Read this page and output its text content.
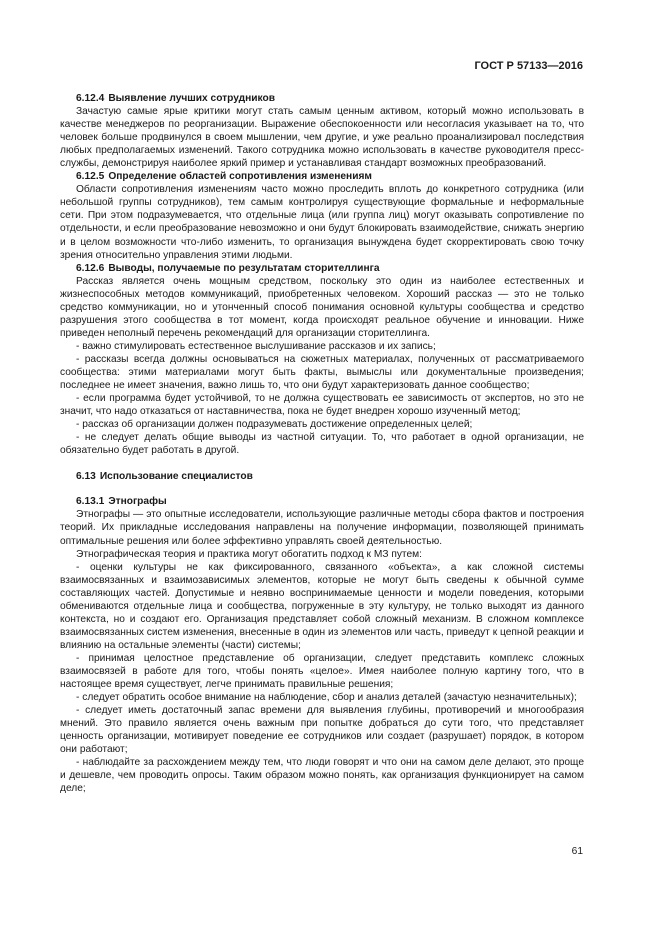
ГОСТ Р 57133—2016

6.12.4 Выявление лучших сотрудников

Зачастую самые ярые критики могут стать самым ценным активом, который можно использовать в качестве менеджеров по реорганизации. Выражение обеспокоенности или несогласия указывает на то, что человек больше продвинулся в своем мышлении, чем другие, и уже реально проанализировал последствия любых предполагаемых изменений. Такого сотрудника можно использовать в качестве руководителя пресс-службы, демонстрируя наиболее яркий пример и устанавливая стандарт возможных преобразований.

6.12.5 Определение областей сопротивления изменениям

Области сопротивления изменениям часто можно проследить вплоть до конкретного сотрудника (или небольшой группы сотрудников), тем самым контролируя существующие формальные и неформальные сети. При этом подразумевается, что отдельные лица (или группа лиц) могут оказывать сопротивление по отдельности, и если преобразование невозможно и они будут блокировать взаимодействие, снижать энергию и в целом возможности что-либо изменить, то организация вынуждена будет скорректировать свою точку зрения относительно управления этими людьми.

6.12.6 Выводы, получаемые по результатам сторителлинга

Рассказ является очень мощным средством, поскольку это один из наиболее естественных и жизнеспособных методов коммуникаций, приобретенных человеком. Хороший рассказ — это не только средство коммуникации, но и утонченный способ понимания основной культуры сообщества и средство разрушения этого сообщества в тот момент, когда происходят реальное обучение и инновации. Ниже приведен неполный перечень рекомендаций для организации сторителлинга.

- важно стимулировать естественное выслушивание рассказов и их запись;

- рассказы всегда должны основываться на сюжетных материалах, полученных от рассматриваемого сообщества: этими материалами могут быть факты, вымыслы или документальные произведения; последнее не имеет значения, важно лишь то, что они будут характеризовать данное сообщество;

- если программа будет устойчивой, то не должна существовать ее зависимость от экспертов, но это не значит, что надо отказаться от наставничества, пока не будет внедрен хорошо изученный метод;

- рассказ об организации должен подразумевать достижение определенных целей;

- не следует делать общие выводы из частной ситуации. То, что работает в одной организации, не обязательно будет работать в другой.

6.13 Использование специалистов

6.13.1 Этнографы

Этнографы — это опытные исследователи, использующие различные методы сбора фактов и построения теорий. Их прикладные исследования направлены на получение информации, позволяющей принимать оптимальные решения или более эффективно управлять своей деятельностью.

Этнографическая теория и практика могут обогатить подход к МЗ путем:

- оценки культуры не как фиксированного, связанного «объекта», а как сложной системы взаимосвязанных и взаимозависимых элементов, которые не могут быть сведены к обычной сумме составляющих частей. Допустимые и неявно воспринимаемые ценности и модели поведения, которыми обмениваются отдельные лица и сообщества, погруженные в эту культуру, не только выходят из данного контекста, но и создают его. Организация представляет собой сложный механизм. В сложном комплексе взаимосвязанных систем изменения, внесенные в один из элементов или часть, приведут к цепной реакции и влиянию на остальные элементы (части) системы;

- принимая целостное представление об организации, следует представить комплекс сложных взаимосвязей в работе для того, чтобы понять «целое». Имея наиболее полную картину того, что в настоящее время существует, легче принимать правильные решения;

- следует обратить особое внимание на наблюдение, сбор и анализ деталей (зачастую незначительных);

- следует иметь достаточный запас времени для выявления глубины, противоречий и многообразия мнений. Это правило является очень важным при попытке добраться до сути того, что представляет ценность организации, мотивирует поведение ее сотрудников или создает (разрушает) порядок, в котором они работают;

- наблюдайте за расхождением между тем, что люди говорят и что они на самом деле делают, это проще и дешевле, чем проводить опросы. Таким образом можно понять, как организация функционирует на самом деле;

61
